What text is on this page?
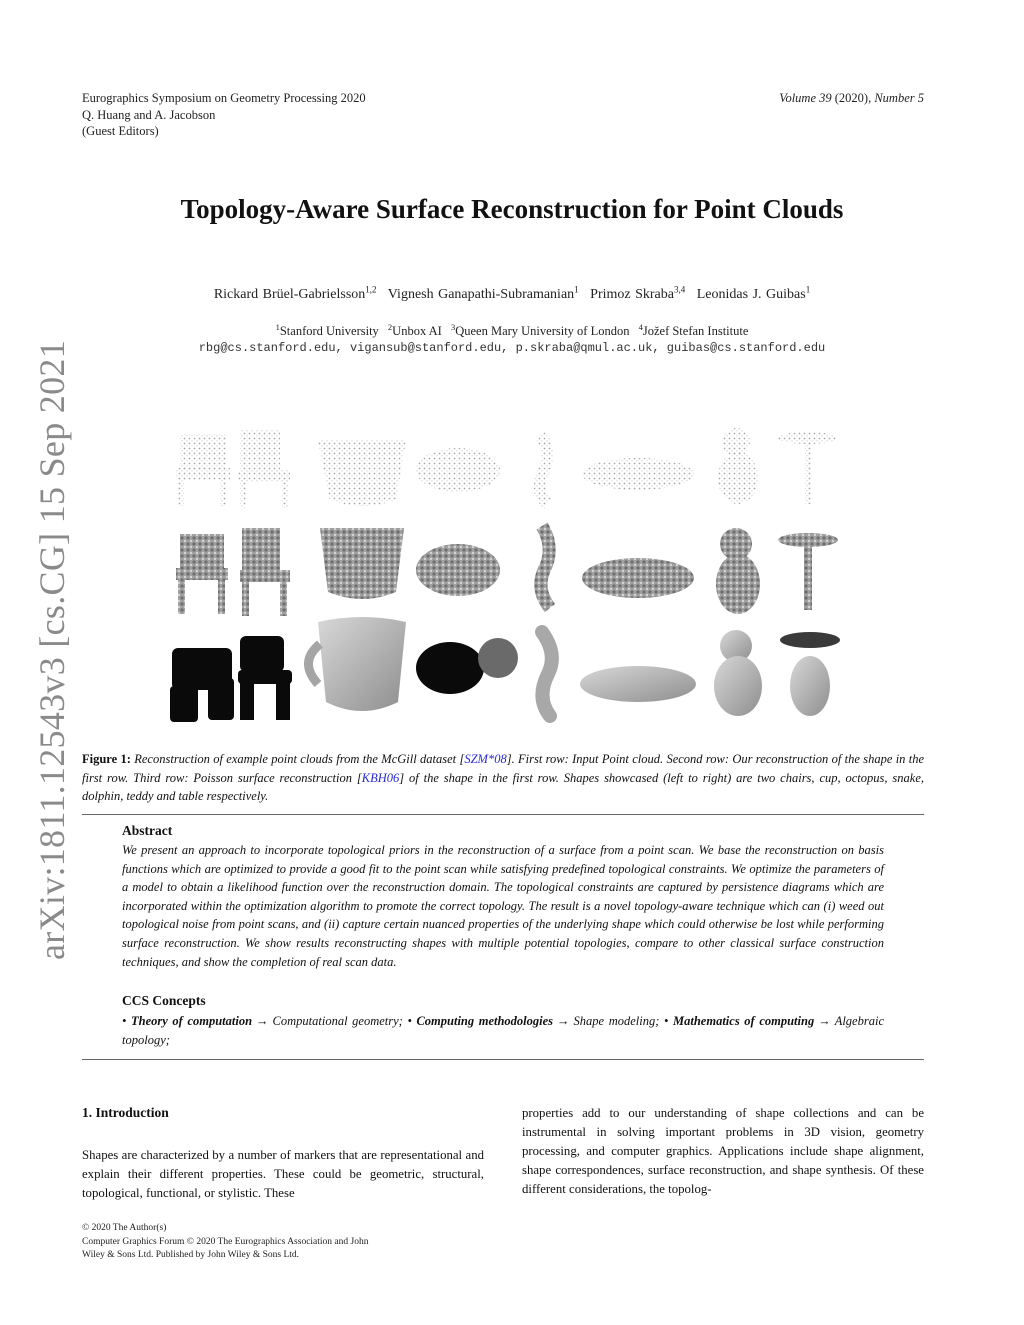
arXiv:1811.12543v3 [cs.CG] 15 Sep 2021
Eurographics Symposium on Geometry Processing 2020
Q. Huang and A. Jacobson
(Guest Editors)
Volume 39 (2020), Number 5
Topology-Aware Surface Reconstruction for Point Clouds
Rickard Brüel-Gabrielsson$^{1,2}$ Vignesh Ganapathi-Subramanian$^1$ Primoz Skraba$^{3,4}$ Leonidas J. Guibas$^1$
$^1$Stanford University $^2$Unbox AI $^3$Queen Mary University of London $^4$Jožef Stefan Institute
rbg@cs.stanford.edu, vigansub@stanford.edu, p.skraba@qmul.ac.uk, guibas@cs.stanford.edu
Figure 1: Reconstruction of example point clouds from the McGill dataset [SZM*08]. First row: Input Point cloud. Second row: Our reconstruction of the shape in the first row. Third row: Poisson surface reconstruction [KBH06] of the shape in the first row. Shapes showcased (left to right) are two chairs, cup, octopus, snake, dolphin, teddy and table respectively.
Abstract
We present an approach to incorporate topological priors in the reconstruction of a surface from a point scan. We base the reconstruction on basis functions which are optimized to provide a good fit to the point scan while satisfying predefined topological constraints. We optimize the parameters of a model to obtain a likelihood function over the reconstruction domain. The topological constraints are captured by persistence diagrams which are incorporated within the optimization algorithm to promote the correct topology. The result is a novel topology-aware technique which can (i) weed out topological noise from point scans, and (ii) capture certain nuanced properties of the underlying shape which could otherwise be lost while performing surface reconstruction. We show results reconstructing shapes with multiple potential topologies, compare to other classical surface construction techniques, and show the completion of real scan data.
CCS Concepts
• Theory of computation → Computational geometry; • Computing methodologies → Shape modeling; • Mathematics of computing → Algebraic topology;
1. Introduction
Shapes are characterized by a number of markers that are representational and explain their different properties. These could be geometric, structural, topological, functional, or stylistic. These
properties add to our understanding of shape collections and can be instrumental in solving important problems in 3D vision, geometry processing, and computer graphics. Applications include shape alignment, shape correspondences, surface reconstruction, and shape synthesis. Of these different considerations, the topolog-
© 2020 The Author(s)
Computer Graphics Forum © 2020 The Eurographics Association and John
Wiley & Sons Ltd. Published by John Wiley & Sons Ltd.
